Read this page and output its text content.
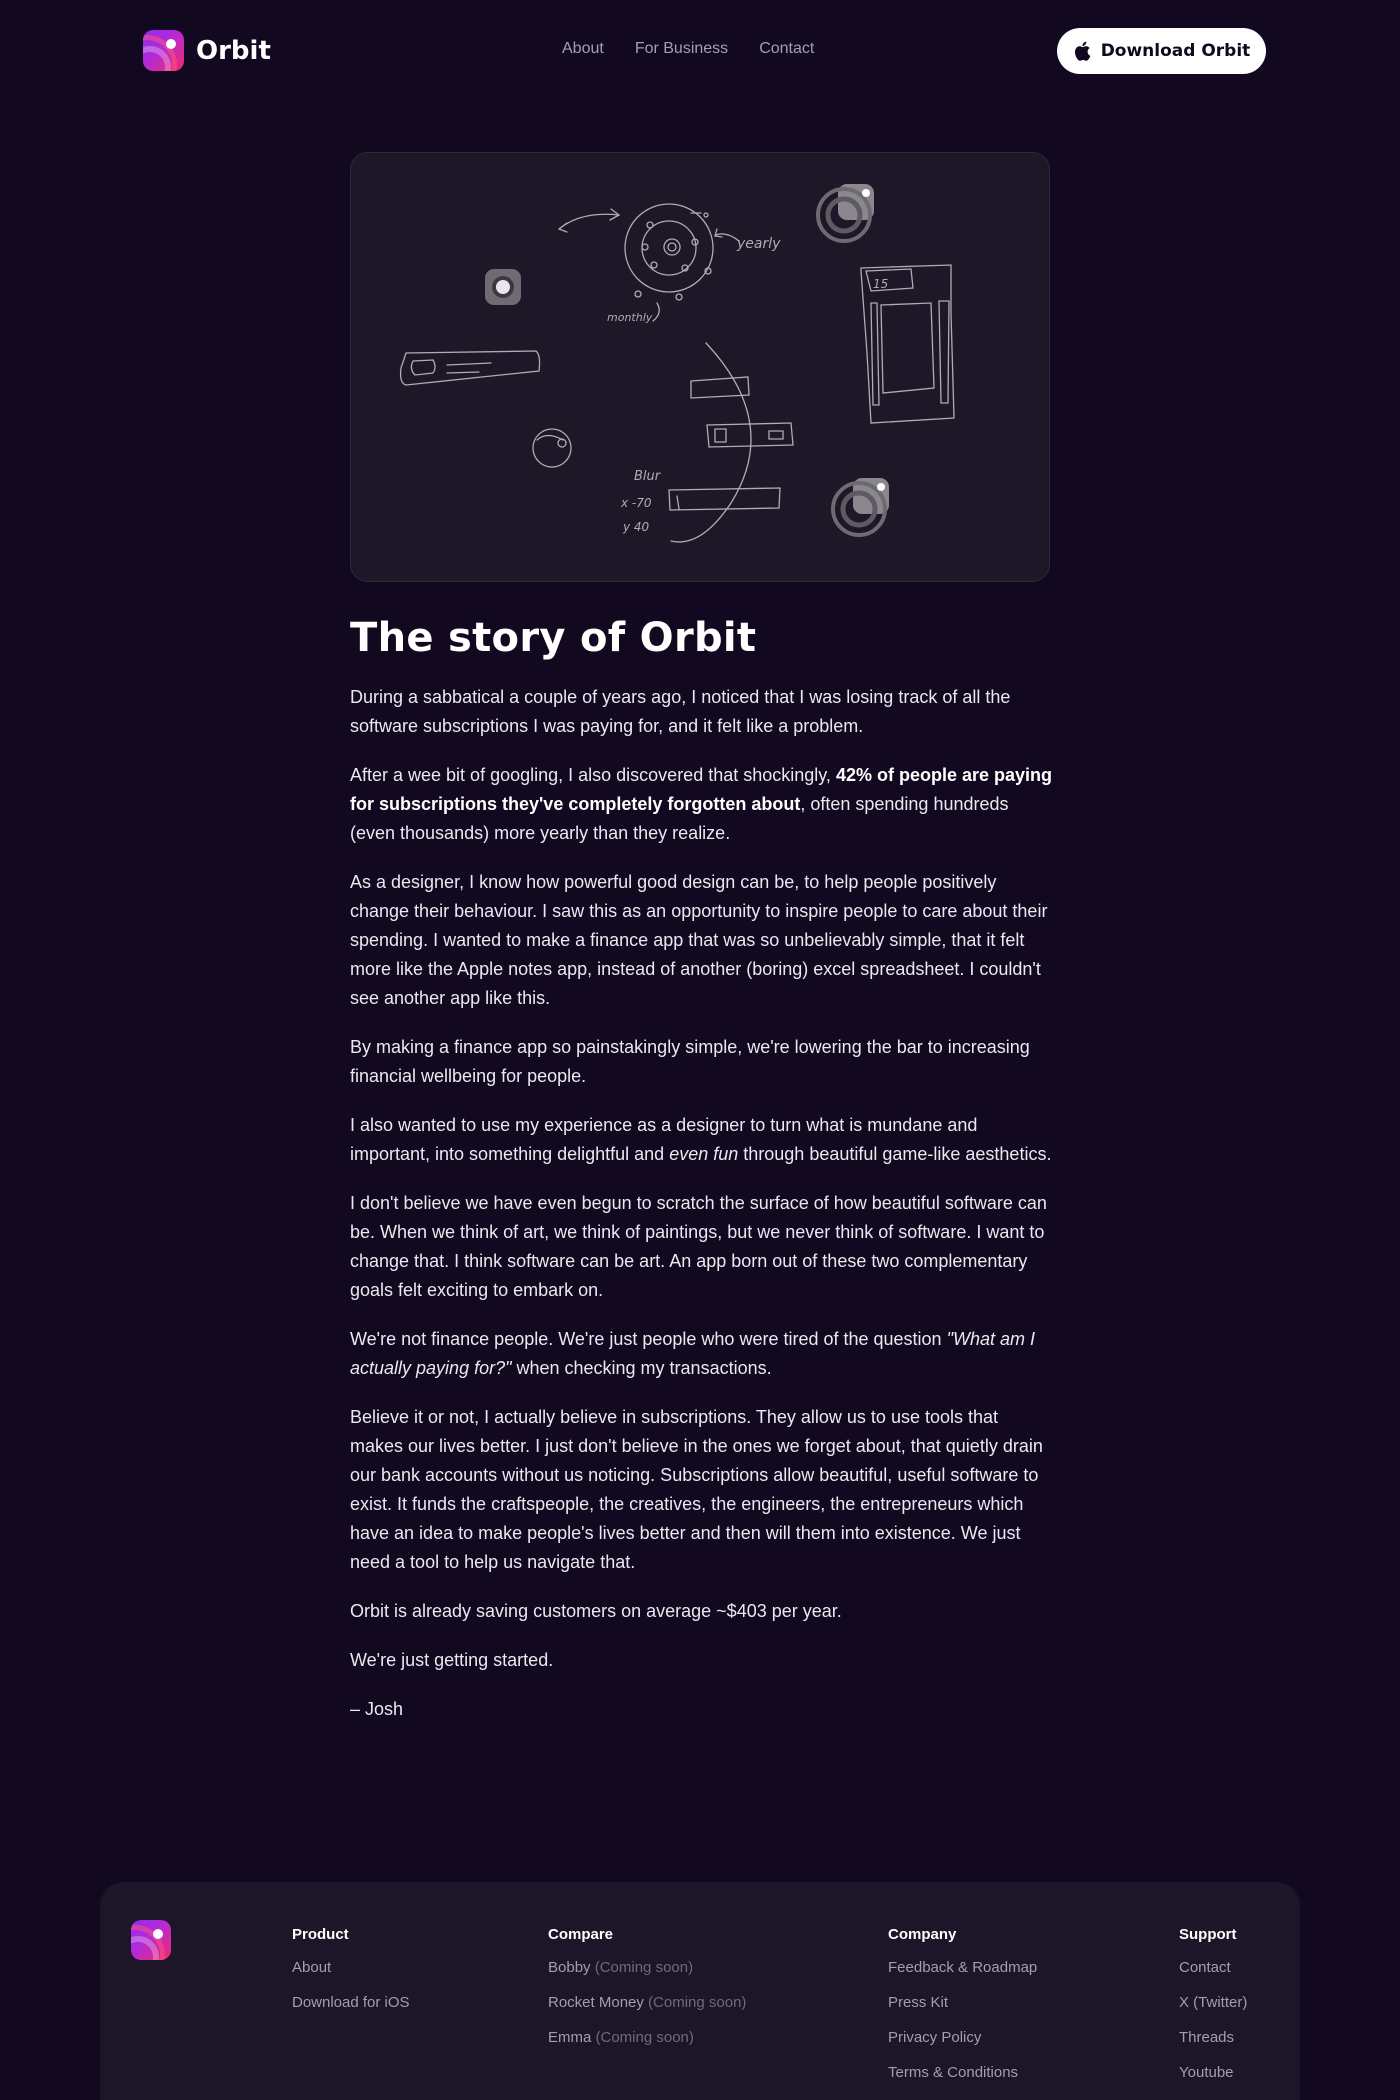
Orbit	About For Business Contact	Download Orbit
yearly
monthly
15
Blur
x -70
y 40
The story of Orbit

During a sabbatical a couple of years ago, I noticed that I was losing track of all the software subscriptions I was paying for, and it felt like a problem.

After a wee bit of googling, I also discovered that shockingly, 42% of people are paying for subscriptions they've completely forgotten about, often spending hundreds (even thousands) more yearly than they realize.

As a designer, I know how powerful good design can be, to help people positively change their behaviour. I saw this as an opportunity to inspire people to care about their spending. I wanted to make a finance app that was so unbelievably simple, that it felt more like the Apple notes app, instead of another (boring) excel spreadsheet. I couldn't see another app like this.

By making a finance app so painstakingly simple, we're lowering the bar to increasing financial wellbeing for people.

I also wanted to use my experience as a designer to turn what is mundane and important, into something delightful and even fun through beautiful game-like aesthetics.

I don't believe we have even begun to scratch the surface of how beautiful software can be. When we think of art, we think of paintings, but we never think of software. I want to change that. I think software can be art. An app born out of these two complementary goals felt exciting to embark on.

We're not finance people. We're just people who were tired of the question "What am I actually paying for?" when checking my transactions.

Believe it or not, I actually believe in subscriptions. They allow us to use tools that makes our lives better. I just don't believe in the ones we forget about, that quietly drain our bank accounts without us noticing. Subscriptions allow beautiful, useful software to exist. It funds the craftspeople, the creatives, the engineers, the entrepreneurs which have an idea to make people's lives better and then will them into existence. We just need a tool to help us navigate that.

Orbit is already saving customers on average ~$403 per year.

We're just getting started.

– Josh

Product
About
Download for iOS
Compare
Bobby (Coming soon)
Rocket Money (Coming soon)
Emma (Coming soon)
Company
Feedback & Roadmap
Press Kit
Privacy Policy
Terms & Conditions
Support
Contact
X (Twitter)
Threads
Youtube
